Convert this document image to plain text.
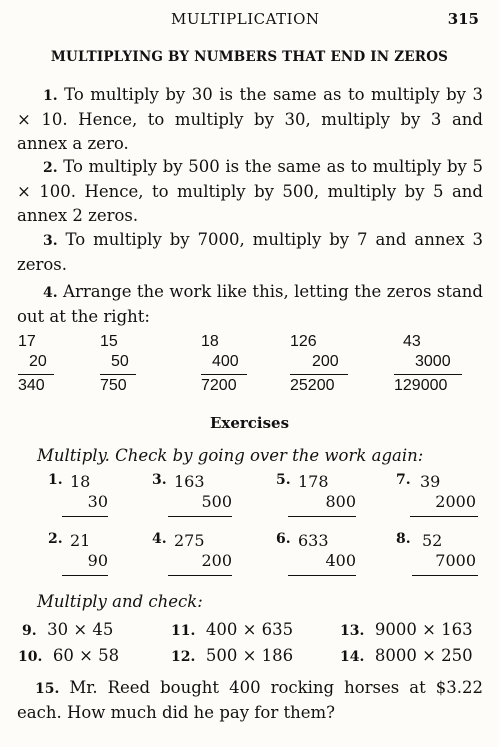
MULTIPLICATION	315
MULTIPLYING BY NUMBERS THAT END IN ZEROS
1. To multiply by 30 is the same as to multiply by 3 × 10. Hence, to multiply by 30, multiply by 3 and annex a zero.
2. To multiply by 500 is the same as to multiply by 5 × 100. Hence, to multiply by 500, multiply by 5 and annex 2 zeros.
3. To multiply by 7000, multiply by 7 and annex 3 zeros.
4. Arrange the work like this, letting the zeros stand out at the right:
17
20
340
15
50
750
18
400
7200
126
200
25200
43
3000
129000
Exercises
Multiply. Check by going over the work again:
1. 18
30
3. 163
500
5. 178
800
7. 39
2000
2. 21
90
4. 275
200
6. 633
400
8. 52
7000
Multiply and check:
9. 30 × 45	11. 400 × 635	13. 9000 × 163
10. 60 × 58	12. 500 × 186	14. 8000 × 250
15. Mr. Reed bought 400 rocking horses at $3.22 each. How much did he pay for them?
